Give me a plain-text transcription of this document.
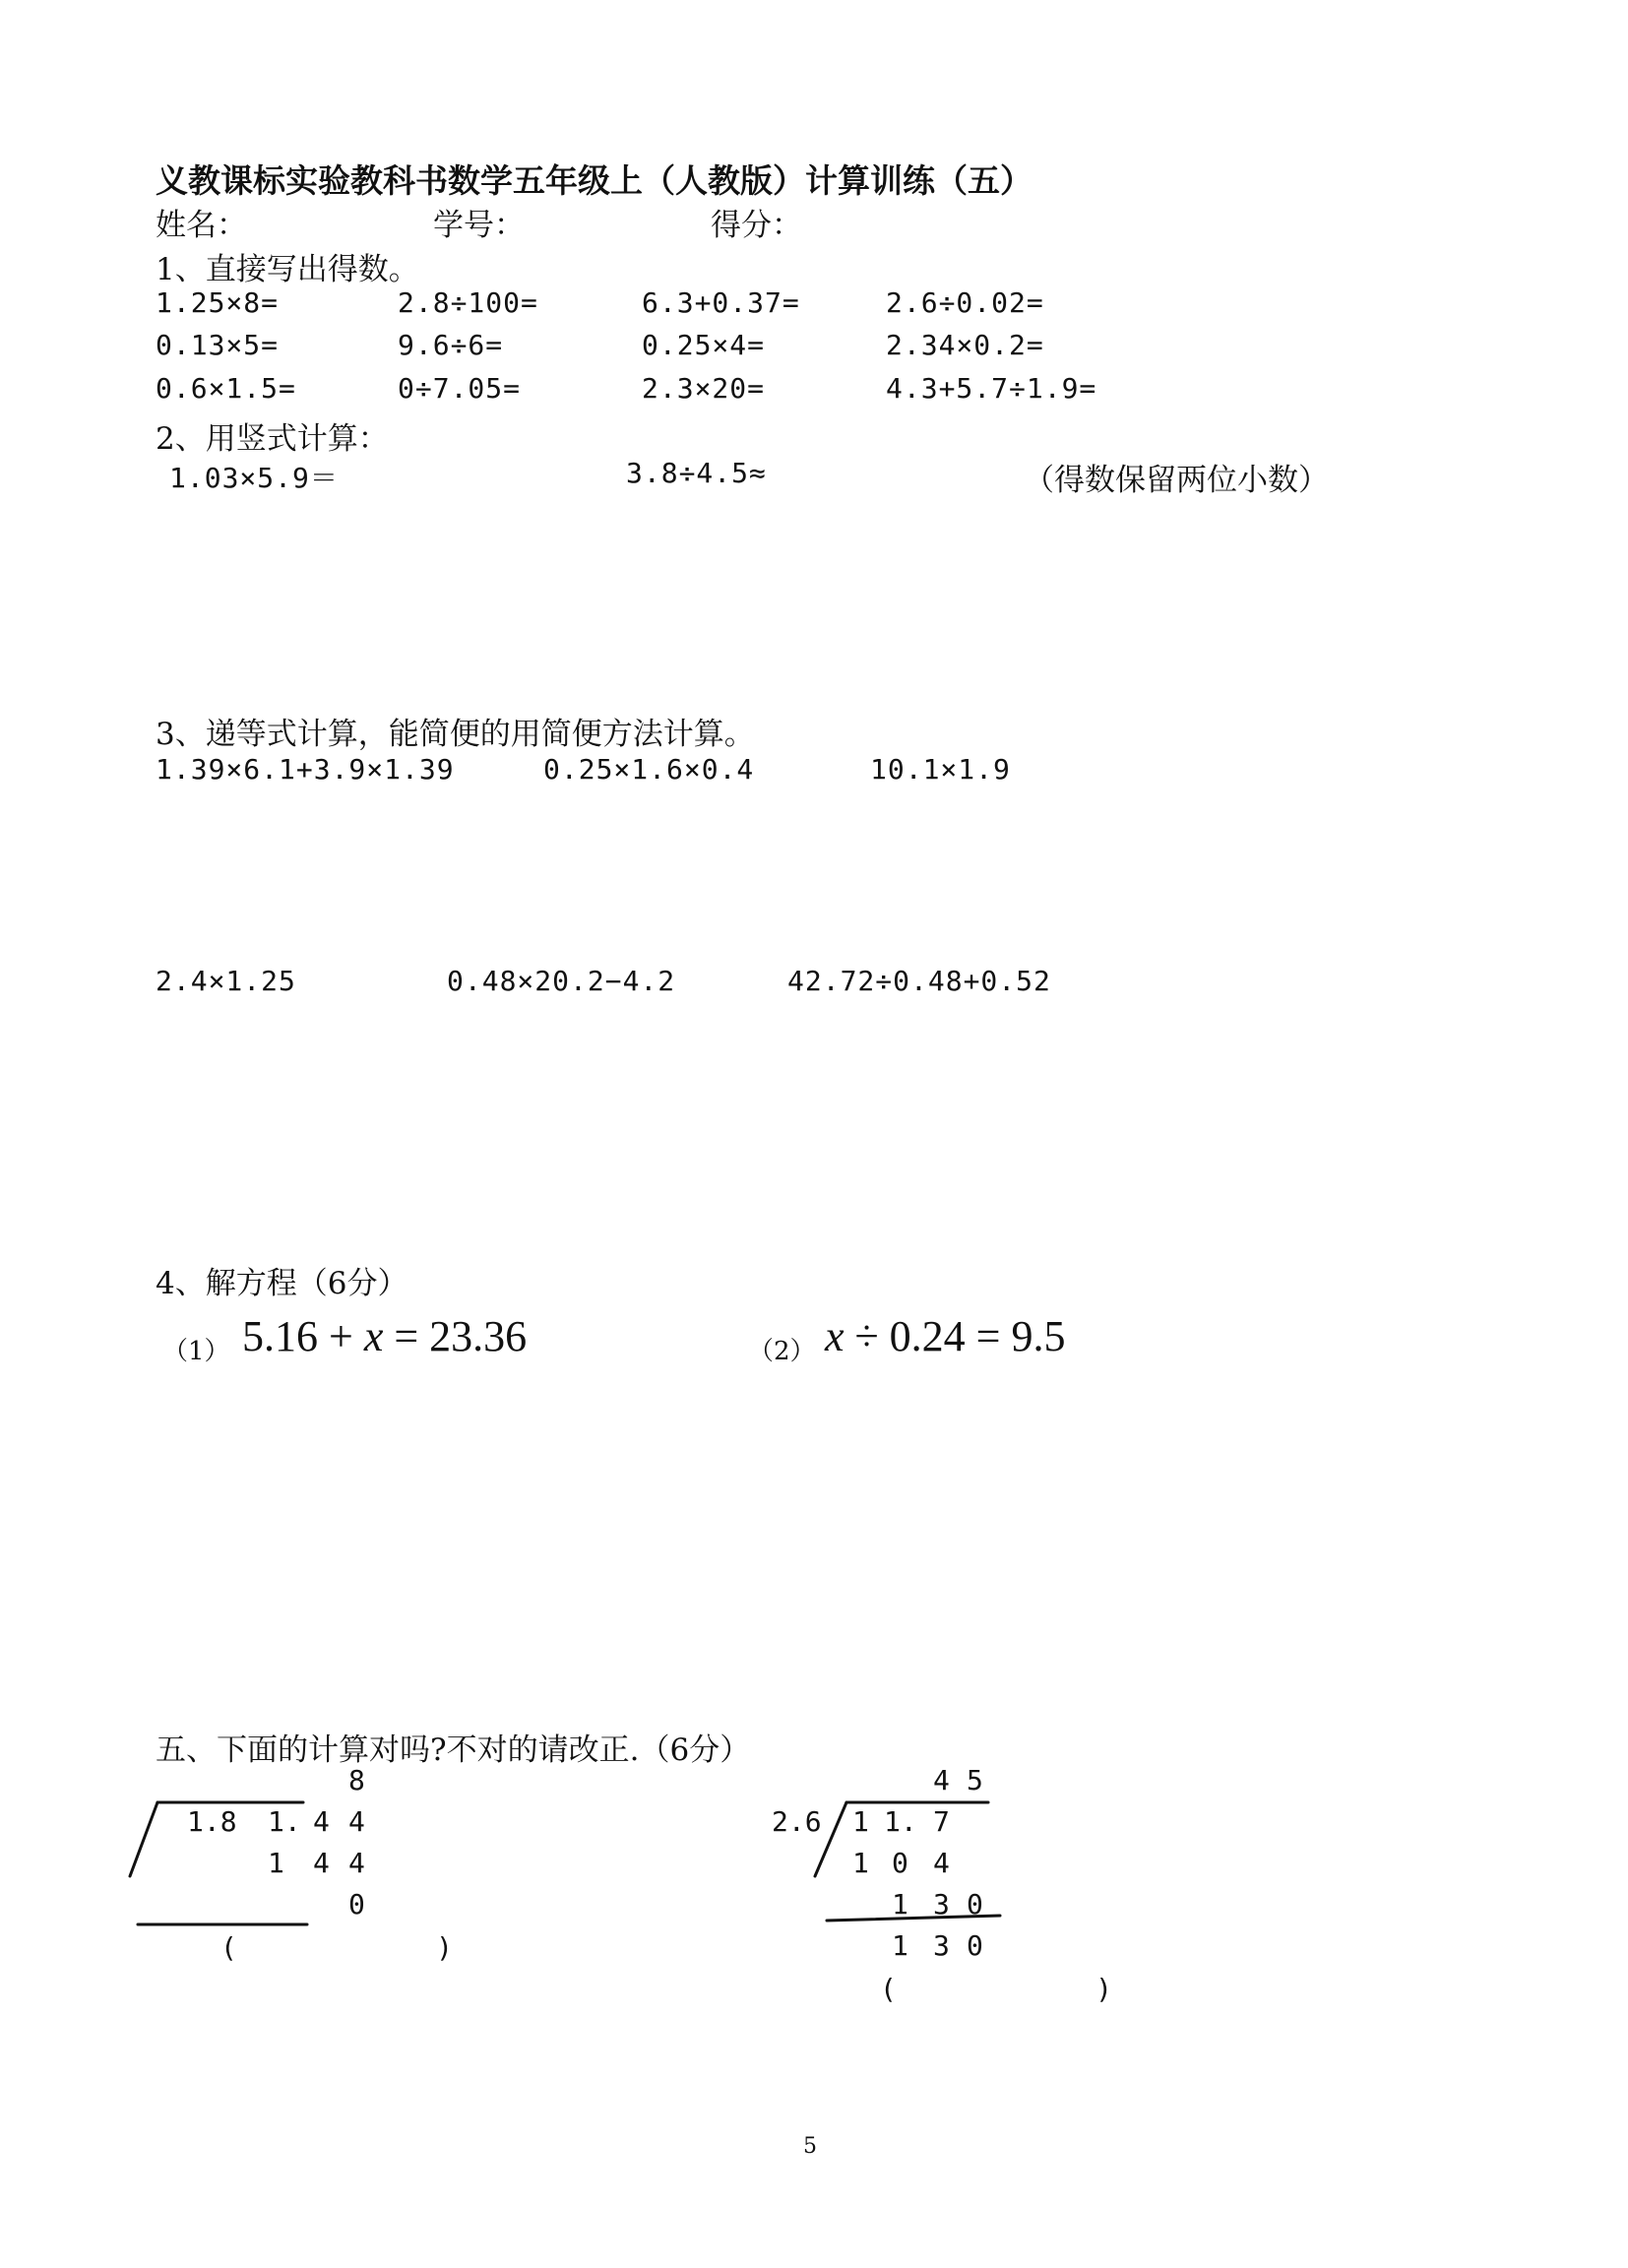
义教课标实验教科书数学五年级上（人教版）计算训练（五）
姓名：	学号：	得分：
1、直接写出得数。
1.25×8=	2.8÷100=	6.3+0.37=	2.6÷0.02=
0.13×5=	9.6÷6=	0.25×4=	2.34×0.2=
0.6×1.5=	0÷7.05=	2.3×20=	4.3+5.7÷1.9=
2、用竖式计算：
1.03×5.9＝	3.8÷4.5≈	（得数保留两位小数）
3、递等式计算，能简便的用简便方法计算。
1.39×6.1+3.9×1.39	0.25×1.6×0.4	10.1×1.9
2.4×1.25	0.48×20.2−4.2	42.72÷0.48+0.52
4、解方程（6分）
（1） 5.16 + x = 23.36	（2） x ÷ 0.24 = 9.5
五、下面的计算对吗?不对的请改正.（6分）
8
1.8 1. 4 4
1 4 4
0
(            )
4 5
2.6 1 1. 7
1 0 4
1 3 0
1 3 0
(            )
5
